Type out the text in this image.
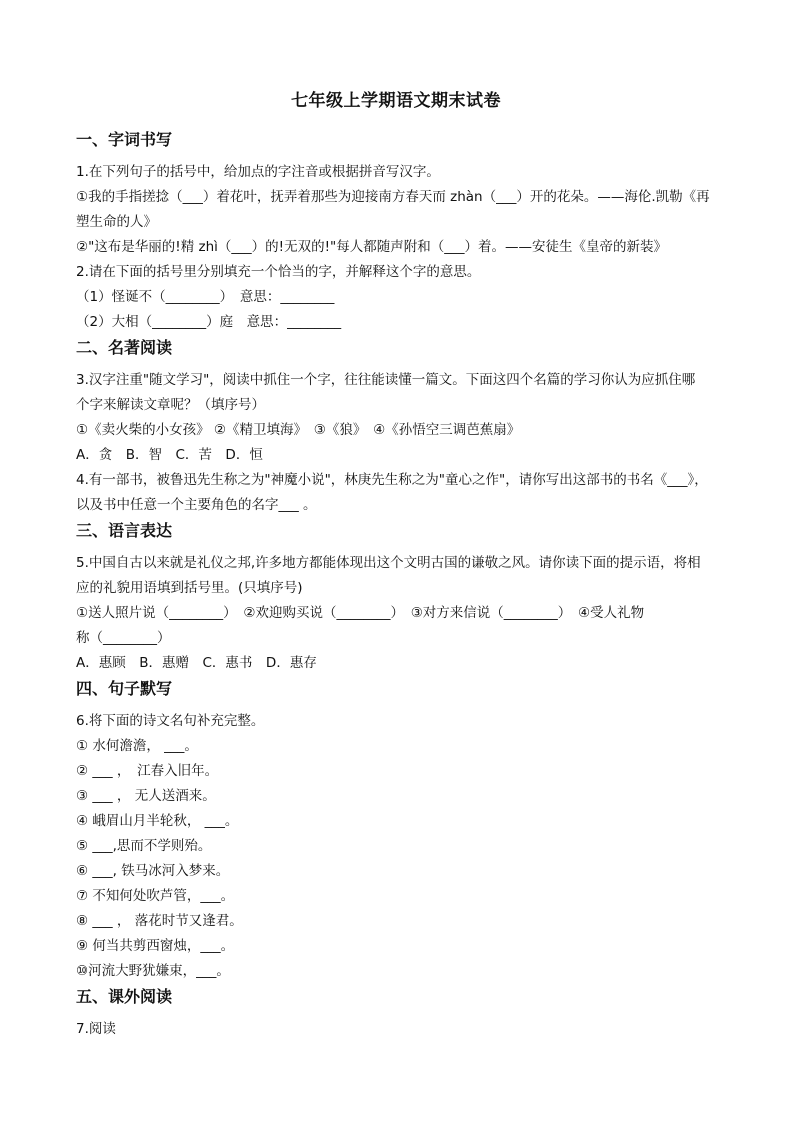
七年级上学期语文期末试卷
一、字词书写
1.在下列句子的括号中，给加点的字注音或根据拼音写汉字。
①我的手指搓捻（___）着花叶，抚弄着那些为迎接南方春天而 zhàn（___）开的花朵。——海伦.凯勒《再
塑生命的人》
②"这布是华丽的!精 zhì（___）的!无双的!"每人都随声附和（___）着。——安徒生《皇帝的新装》
2.请在下面的括号里分别填充一个恰当的字，并解释这个字的意思。
（1）怪诞不（________）　意思：________
（2）大相（________）庭　意思：________
二、名著阅读
3.汉字注重"随文学习"，阅读中抓住一个字，往往能读懂一篇文。下面这四个名篇的学习你认为应抓住哪
个字来解读文章呢？（填序号）
①《卖火柴的小女孩》 ②《精卫填海》　③《狼》　④《孙悟空三调芭蕉扇》
A．贪　B．智　C．苦　D．恒
4.有一部书，被鲁迅先生称之为"神魔小说"，林庚先生称之为"童心之作"，请你写出这部书的书名《___》，
以及书中任意一个主要角色的名字___ 。
三、语言表达
5.中国自古以来就是礼仪之邦,许多地方都能体现出这个文明古国的谦敬之风。请你读下面的提示语，将相
应的礼貌用语填到括号里。(只填序号)
①送人照片说（________）　②欢迎购买说（________）　③对方来信说（________）　④受人礼物
称（________）
A．惠顾　B．惠赠　C．惠书　D．惠存
四、句子默写
6.将下面的诗文名句补充完整。
① 水何澹澹， ___。
② ___ ，　江春入旧年。
③ ___ ， 无人送酒来。
④ 峨眉山月半轮秋， ___。
⑤ ___,思而不学则殆。
⑥ ___, 铁马冰河入梦来。
⑦ 不知何处吹芦管，___。
⑧ ___ ， 落花时节又逢君。
⑨ 何当共剪西窗烛，___。
⑩河流大野犹嫌束，___。
五、课外阅读
7.阅读
